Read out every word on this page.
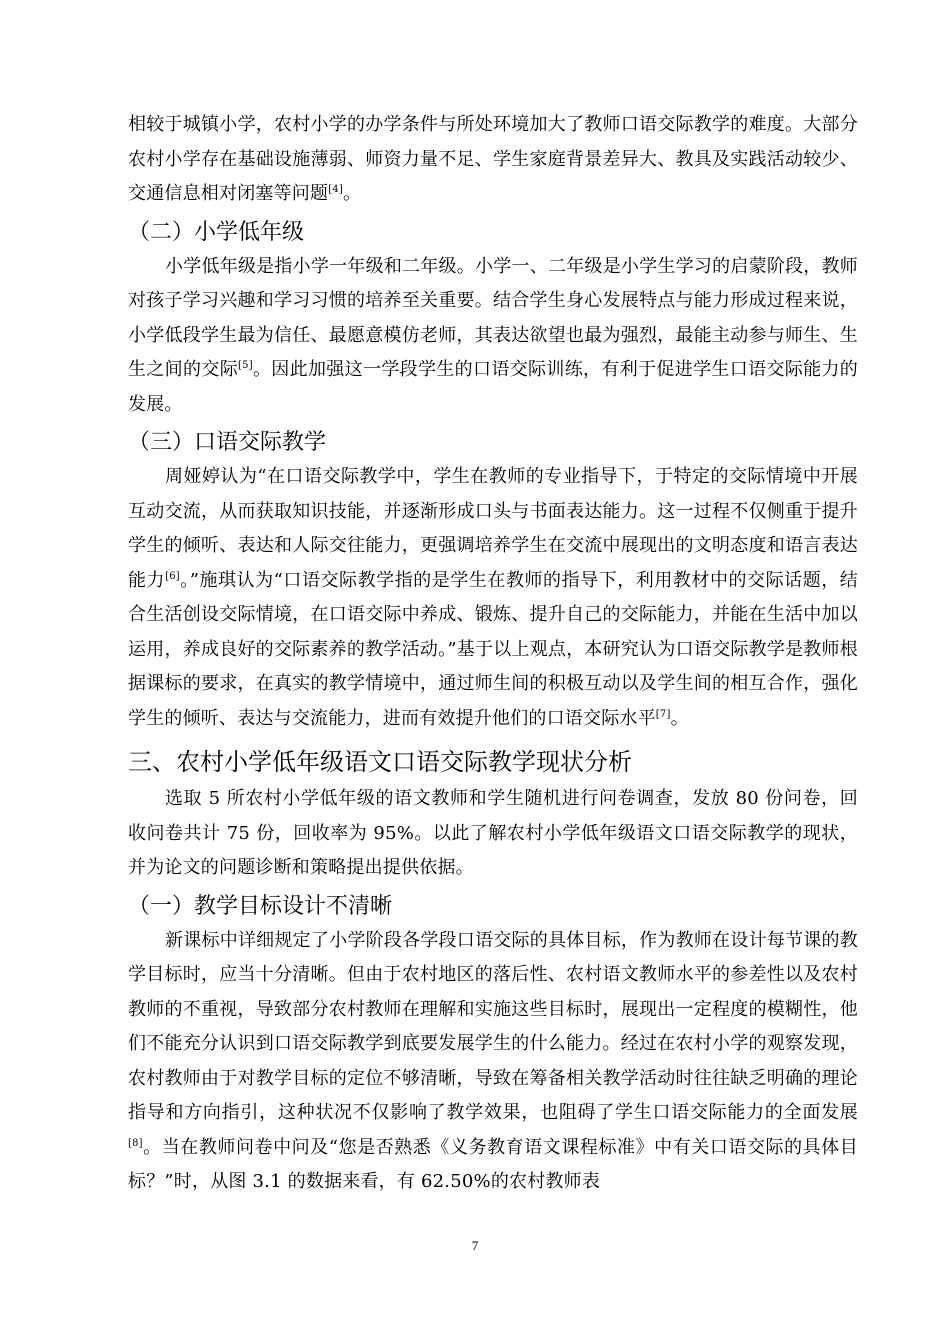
相较于城镇小学，农村小学的办学条件与所处环境加大了教师口语交际教学的难度。大部分农村小学存在基础设施薄弱、师资力量不足、学生家庭背景差异大、教具及实践活动较少、交通信息相对闭塞等问题[4]。

（二）小学低年级

小学低年级是指小学一年级和二年级。小学一、二年级是小学生学习的启蒙阶段，教师对孩子学习兴趣和学习习惯的培养至关重要。结合学生身心发展特点与能力形成过程来说，小学低段学生最为信任、最愿意模仿老师，其表达欲望也最为强烈，最能主动参与师生、生生之间的交际[5]。因此加强这一学段学生的口语交际训练，有利于促进学生口语交际能力的发展。

（三）口语交际教学

周娅婷认为“在口语交际教学中，学生在教师的专业指导下，于特定的交际情境中开展互动交流，从而获取知识技能，并逐渐形成口头与书面表达能力。这一过程不仅侧重于提升学生的倾听、表达和人际交往能力，更强调培养学生在交流中展现出的文明态度和语言表达能力[6]。”施琪认为“口语交际教学指的是学生在教师的指导下，利用教材中的交际话题，结合生活创设交际情境，在口语交际中养成、锻炼、提升自己的交际能力，并能在生活中加以运用，养成良好的交际素养的教学活动。”基于以上观点，本研究认为口语交际教学是教师根据课标的要求，在真实的教学情境中，通过师生间的积极互动以及学生间的相互合作，强化学生的倾听、表达与交流能力，进而有效提升他们的口语交际水平[7]。

三、农村小学低年级语文口语交际教学现状分析

选取 5 所农村小学低年级的语文教师和学生随机进行问卷调查，发放 80 份问卷，回收问卷共计 75 份，回收率为 95%。以此了解农村小学低年级语文口语交际教学的现状，并为论文的问题诊断和策略提出提供依据。

（一）教学目标设计不清晰

新课标中详细规定了小学阶段各学段口语交际的具体目标，作为教师在设计每节课的教学目标时，应当十分清晰。但由于农村地区的落后性、农村语文教师水平的参差性以及农村教师的不重视，导致部分农村教师在理解和实施这些目标时，展现出一定程度的模糊性，他们不能充分认识到口语交际教学到底要发展学生的什么能力。经过在农村小学的观察发现，农村教师由于对教学目标的定位不够清晰，导致在筹备相关教学活动时往往缺乏明确的理论指导和方向指引，这种状况不仅影响了教学效果，也阻碍了学生口语交际能力的全面发展[8]。当在教师问卷中问及“您是否熟悉《义务教育语文课程标准》中有关口语交际的具体目标？”时，从图 3.1 的数据来看，有 62.50%的农村教师表

7
